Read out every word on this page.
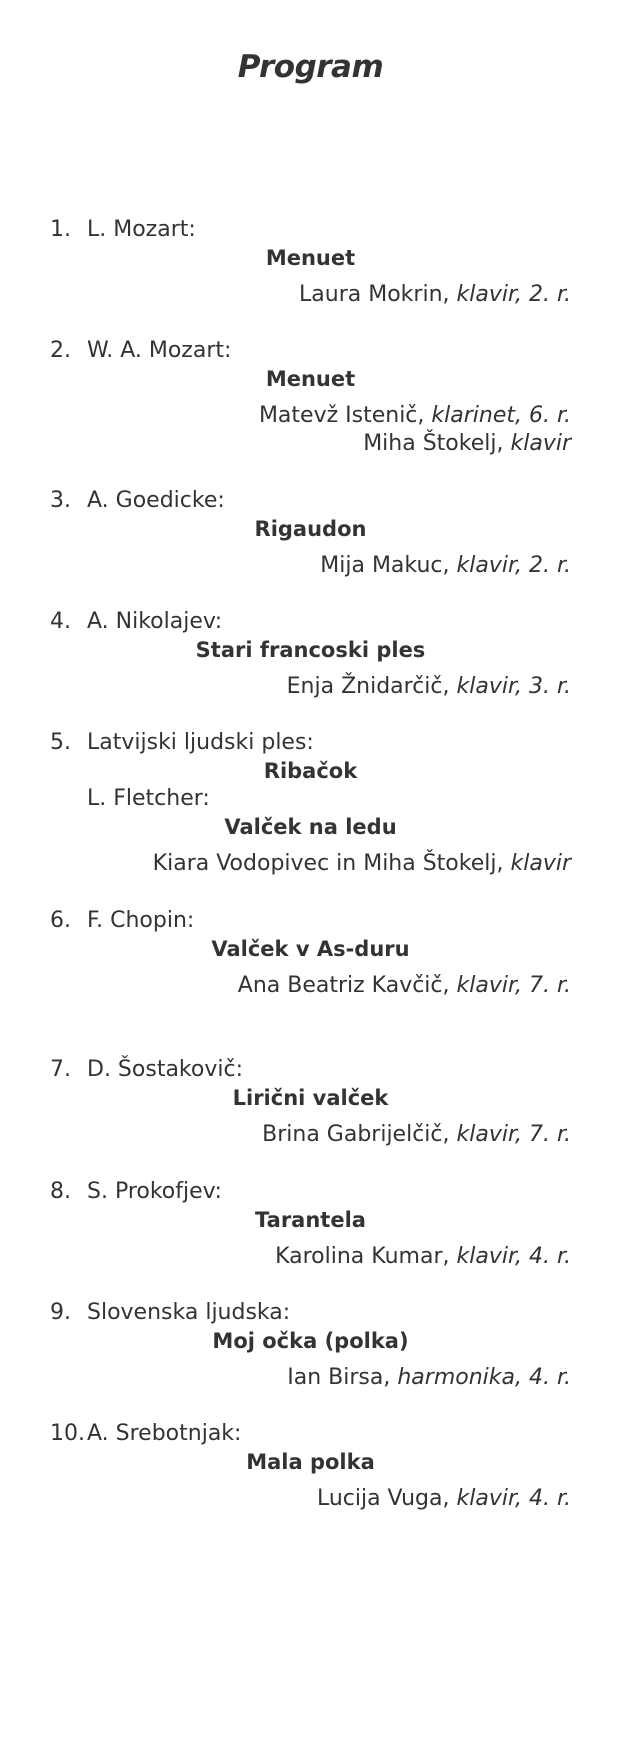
Program
1. L. Mozart:
Menuet
Laura Mokrin, klavir, 2. r.
2. W. A. Mozart:
Menuet
Matevž Istenič, klarinet, 6. r.
Miha Štokelj, klavir
3. A. Goedicke:
Rigaudon
Mija Makuc, klavir, 2. r.
4. A. Nikolajev:
Stari francoski ples
Enja Žnidarčič, klavir, 3. r.
5. Latvijski ljudski ples:
Ribačok
L. Fletcher:
Valček na ledu
Kiara Vodopivec in Miha Štokelj, klavir
6. F. Chopin:
Valček v As-duru
Ana Beatriz Kavčič, klavir, 7. r.
7. D. Šostakovič:
Lirični valček
Brina Gabrijelčič, klavir, 7. r.
8. S. Prokofjev:
Tarantela
Karolina Kumar, klavir, 4. r.
9. Slovenska ljudska:
Moj očka (polka)
Ian Birsa, harmonika, 4. r.
10. A. Srebotnjak:
Mala polka
Lucija Vuga, klavir, 4. r.
